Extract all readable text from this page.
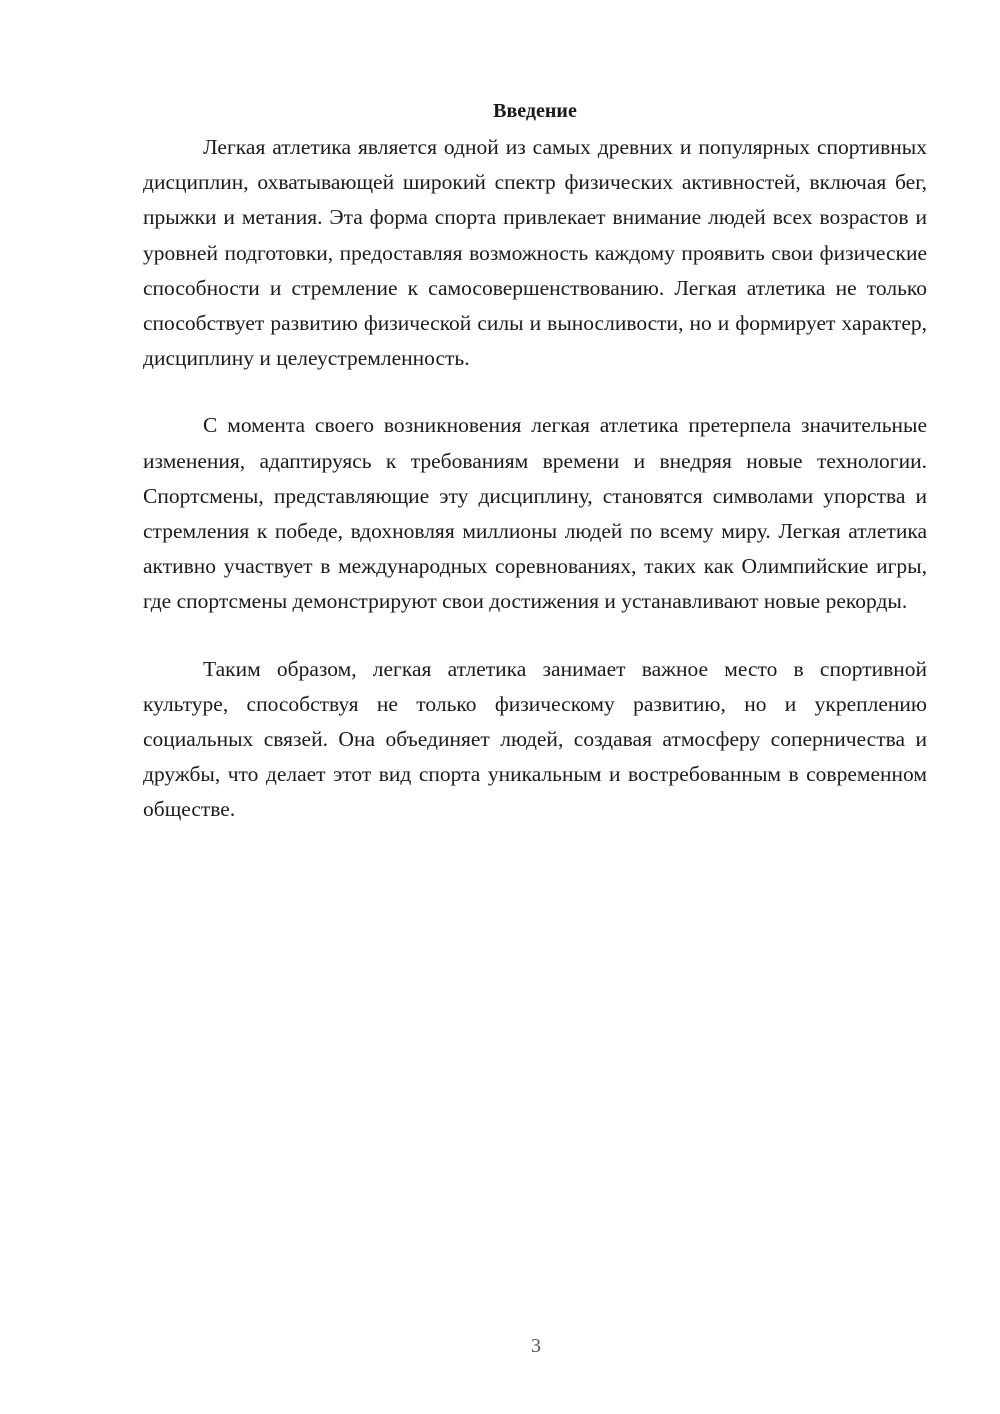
Введение

Легкая атлетика является одной из самых древних и популярных спортивных дисциплин, охватывающей широкий спектр физических активностей, включая бег, прыжки и метания. Эта форма спорта привлекает внимание людей всех возрастов и уровней подготовки, предоставляя возможность каждому проявить свои физические способности и стремление к самосовершенствованию. Легкая атлетика не только способствует развитию физической силы и выносливости, но и формирует характер, дисциплину и целеустремленность.

С момента своего возникновения легкая атлетика претерпела значительные изменения, адаптируясь к требованиям времени и внедряя новые технологии. Спортсмены, представляющие эту дисциплину, становятся символами упорства и стремления к победе, вдохновляя миллионы людей по всему миру. Легкая атлетика активно участвует в международных соревнованиях, таких как Олимпийские игры, где спортсмены демонстрируют свои достижения и устанавливают новые рекорды.

Таким образом, легкая атлетика занимает важное место в спортивной культуре, способствуя не только физическому развитию, но и укреплению социальных связей. Она объединяет людей, создавая атмосферу соперничества и дружбы, что делает этот вид спорта уникальным и востребованным в современном обществе.

3
